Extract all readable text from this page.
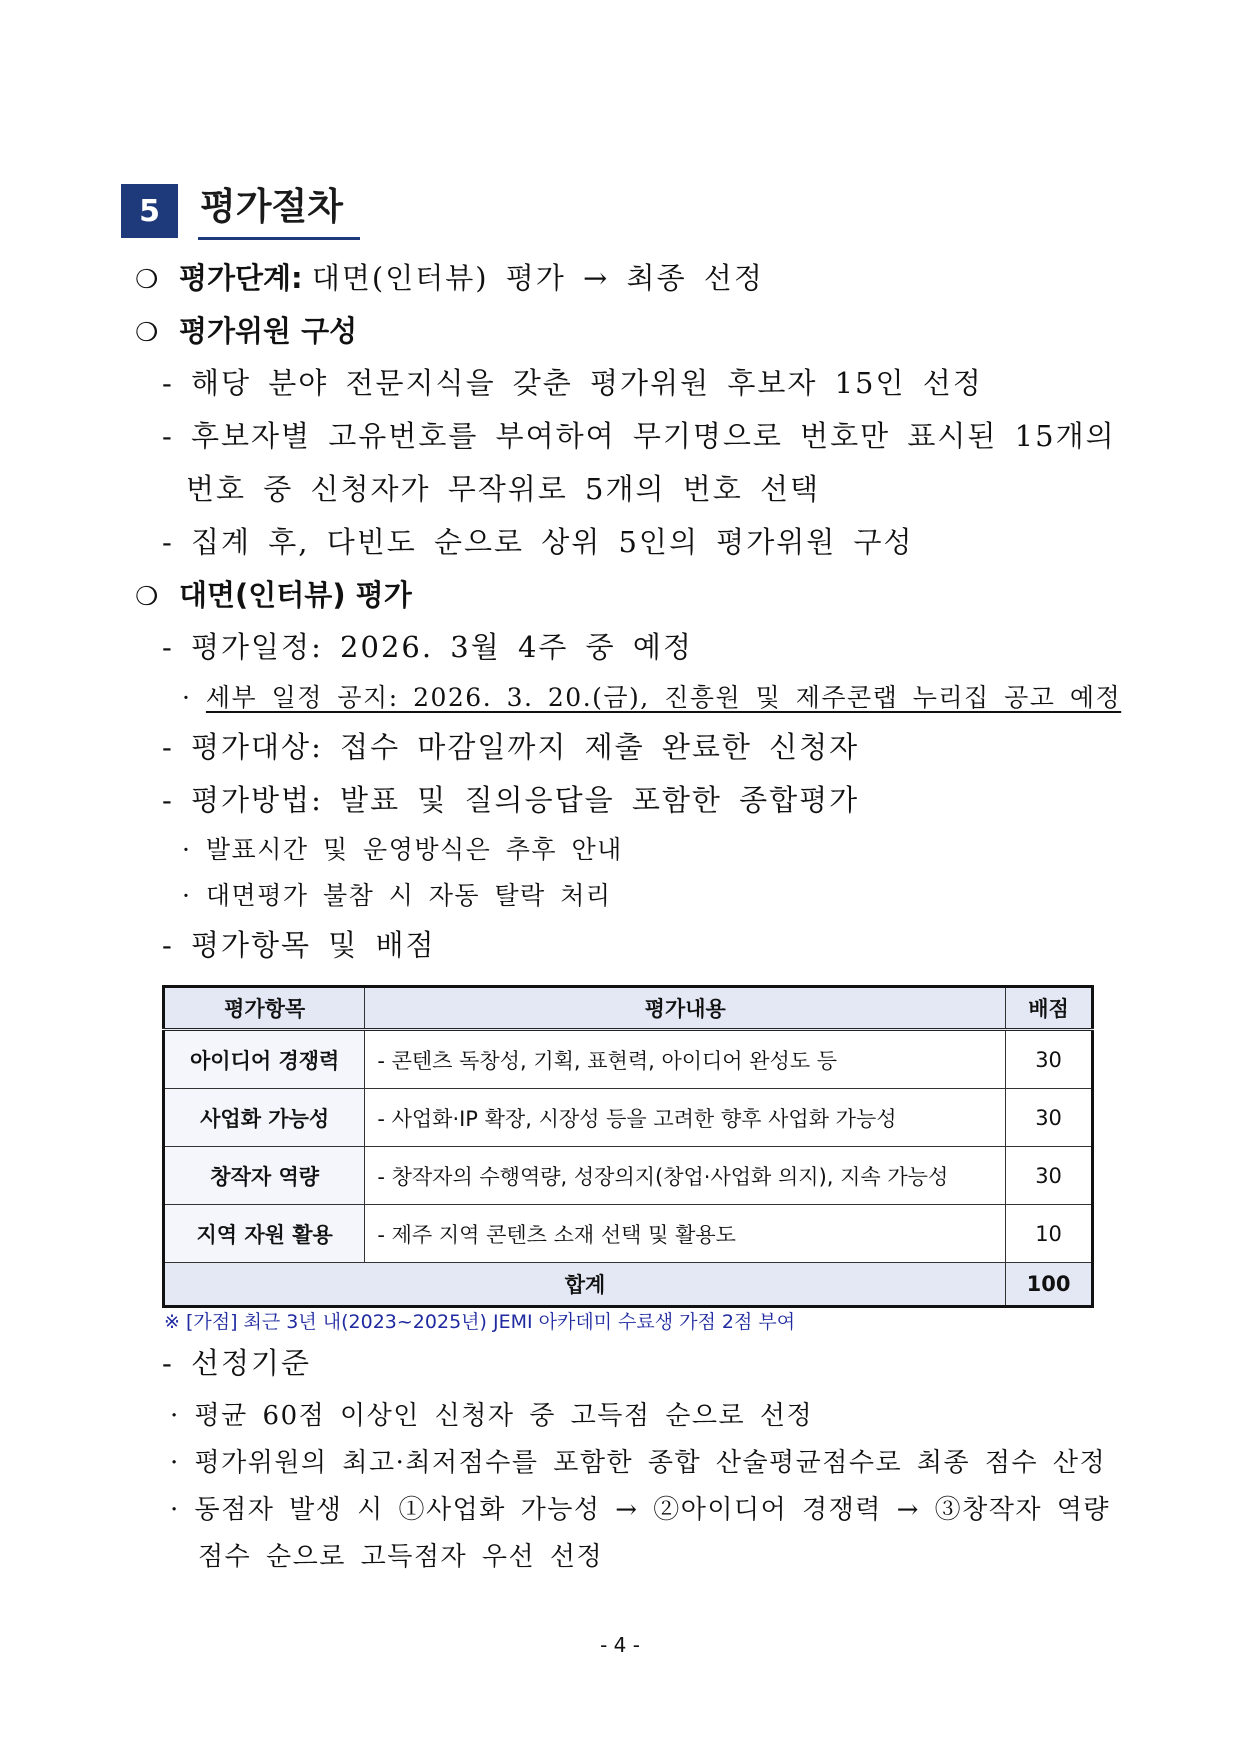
5	평가절차
❍ 평가단계: 대면(인터뷰) 평가 → 최종 선정
❍ 평가위원 구성
- 해당 분야 전문지식을 갖춘 평가위원 후보자 15인 선정
- 후보자별 고유번호를 부여하여 무기명으로 번호만 표시된 15개의
번호 중 신청자가 무작위로 5개의 번호 선택
- 집계 후, 다빈도 순으로 상위 5인의 평가위원 구성
❍ 대면(인터뷰) 평가
- 평가일정: 2026. 3월 4주 중 예정
· 세부 일정 공지: 2026. 3. 20.(금), 진흥원 및 제주콘랩 누리집 공고 예정
- 평가대상: 접수 마감일까지 제출 완료한 신청자
- 평가방법: 발표 및 질의응답을 포함한 종합평가
· 발표시간 및 운영방식은 추후 안내
· 대면평가 불참 시 자동 탈락 처리
- 평가항목 및 배점
평가항목	평가내용	배점
아이디어 경쟁력	- 콘텐츠 독창성, 기획, 표현력, 아이디어 완성도 등	30
사업화 가능성	- 사업화·IP 확장, 시장성 등을 고려한 향후 사업화 가능성	30
창작자 역량	- 창작자의 수행역량, 성장의지(창업·사업화 의지), 지속 가능성	30
지역 자원 활용	- 제주 지역 콘텐츠 소재 선택 및 활용도	10
합계		100
※ [가점] 최근 3년 내(2023~2025년) JEMI 아카데미 수료생 가점 2점 부여
- 선정기준
· 평균 60점 이상인 신청자 중 고득점 순으로 선정
· 평가위원의 최고·최저점수를 포함한 종합 산술평균점수로 최종 점수 산정
· 동점자 발생 시 ①사업화 가능성 → ②아이디어 경쟁력 → ③창작자 역량
점수 순으로 고득점자 우선 선정
- 4 -
